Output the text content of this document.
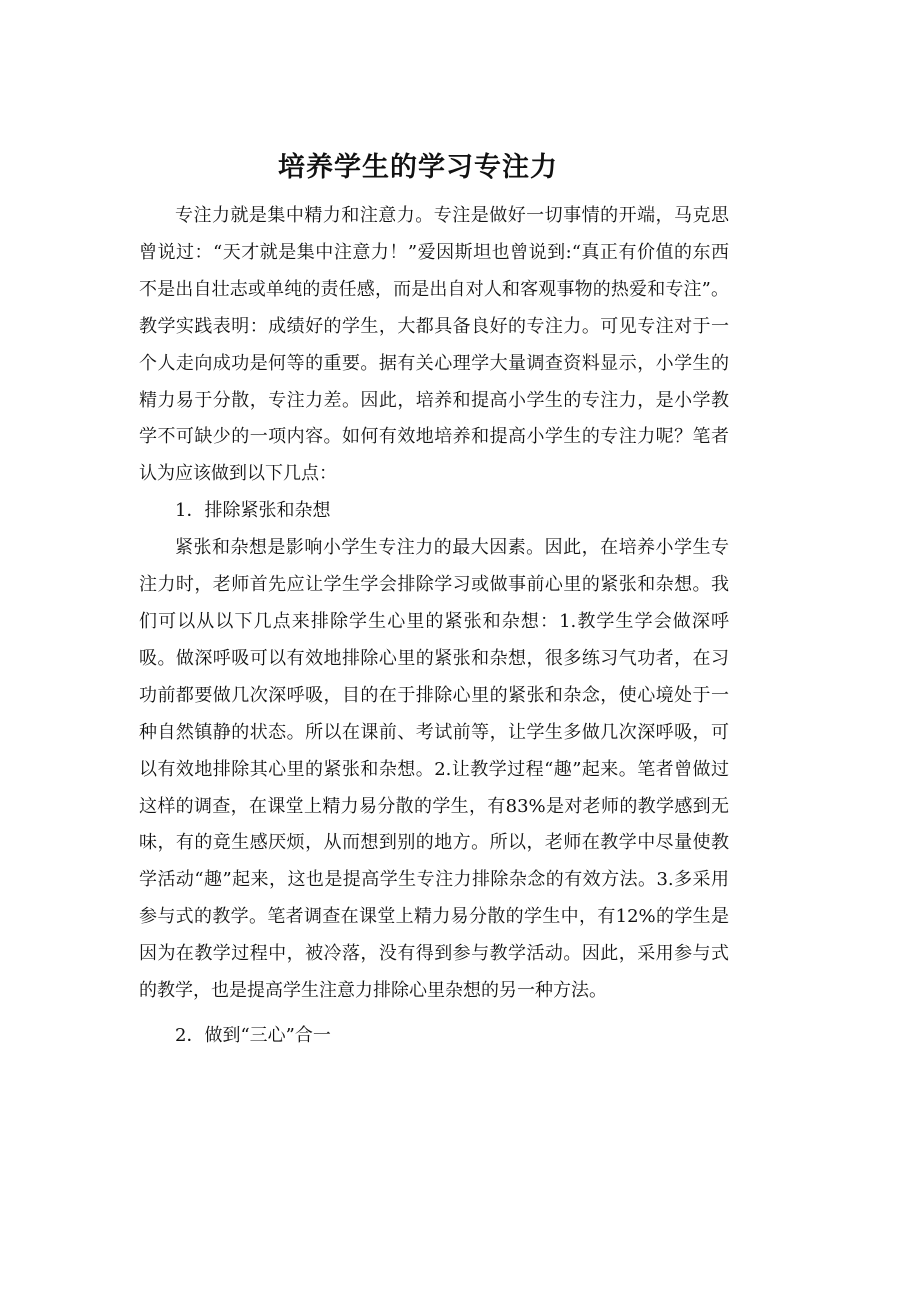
培养学生的学习专注力

专注力就是集中精力和注意力。专注是做好一切事情的开端，马克思曾说过：“天才就是集中注意力！”爱因斯坦也曾说到:“真正有价值的东西不是出自壮志或单纯的责任感，而是出自对人和客观事物的热爱和专注”。教学实践表明：成绩好的学生，大都具备良好的专注力。可见专注对于一个人走向成功是何等的重要。据有关心理学大量调查资料显示，小学生的精力易于分散，专注力差。因此，培养和提高小学生的专注力，是小学教学不可缺少的一项内容。如何有效地培养和提高小学生的专注力呢？笔者认为应该做到以下几点：

1．排除紧张和杂想

紧张和杂想是影响小学生专注力的最大因素。因此，在培养小学生专注力时，老师首先应让学生学会排除学习或做事前心里的紧张和杂想。我们可以从以下几点来排除学生心里的紧张和杂想：1.教学生学会做深呼吸。做深呼吸可以有效地排除心里的紧张和杂想，很多练习气功者，在习功前都要做几次深呼吸，目的在于排除心里的紧张和杂念，使心境处于一种自然镇静的状态。所以在课前、考试前等，让学生多做几次深呼吸，可以有效地排除其心里的紧张和杂想。2.让教学过程“趣”起来。笔者曾做过这样的调查，在课堂上精力易分散的学生，有83%是对老师的教学感到无味，有的竟生感厌烦，从而想到别的地方。所以，老师在教学中尽量使教学活动“趣”起来，这也是提高学生专注力排除杂念的有效方法。3.多采用参与式的教学。笔者调查在课堂上精力易分散的学生中，有12%的学生是因为在教学过程中，被冷落，没有得到参与教学活动。因此，采用参与式的教学，也是提高学生注意力排除心里杂想的另一种方法。

2．做到“三心”合一
